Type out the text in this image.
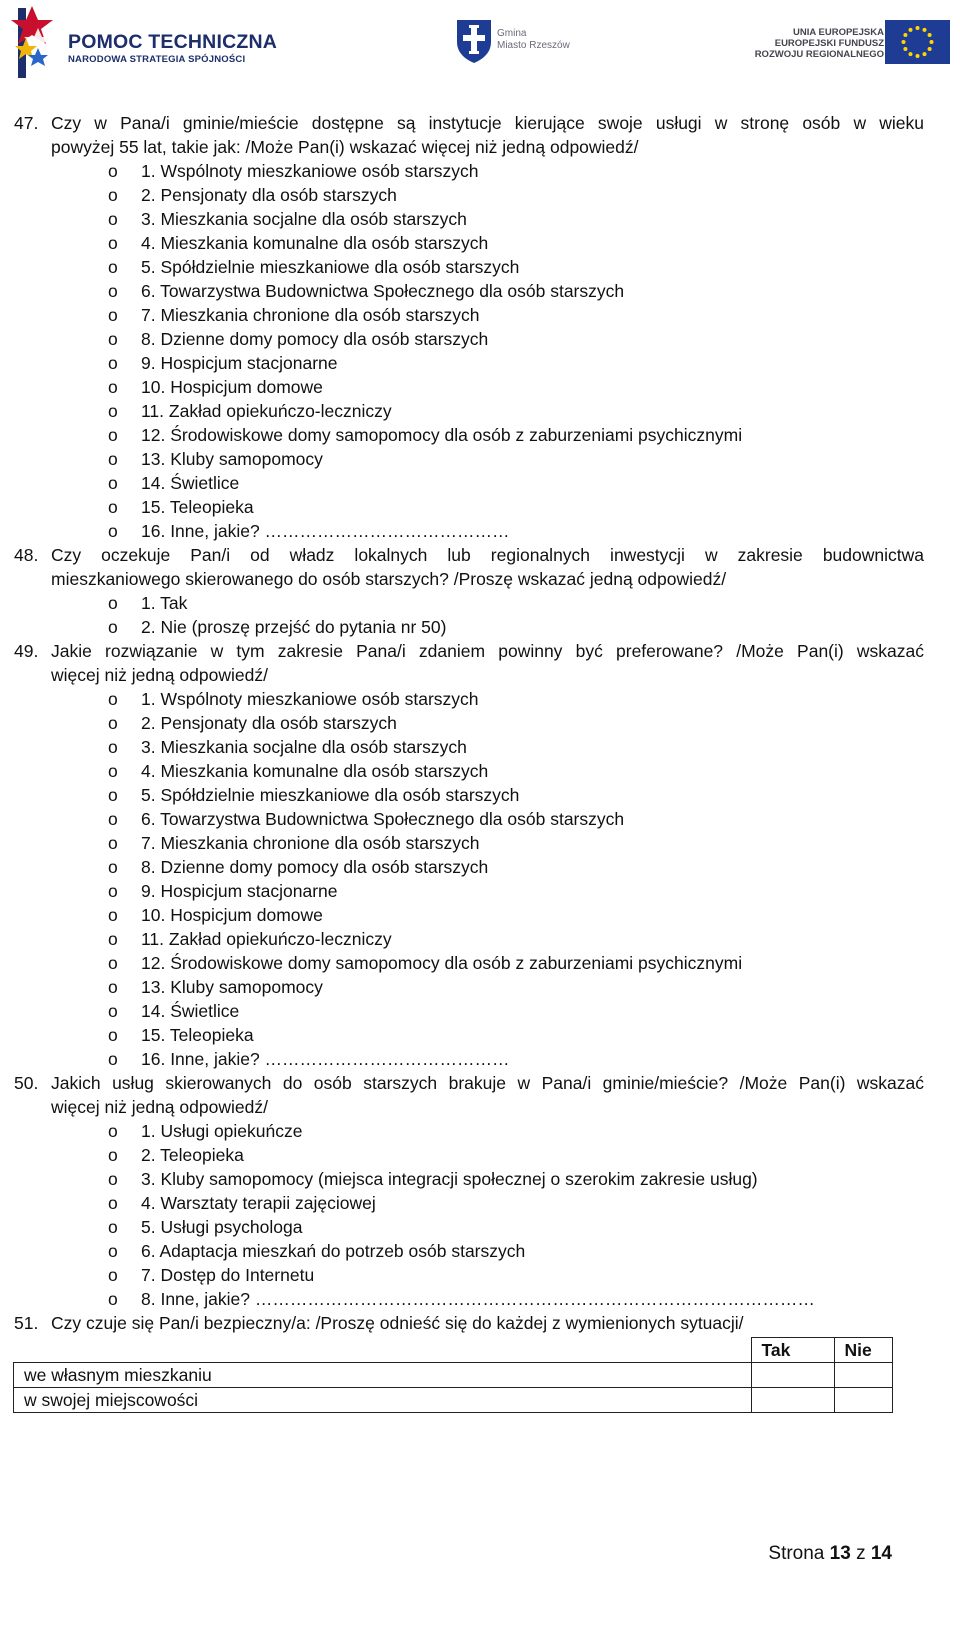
POMOC TECHNICZNA
NARODOWA STRATEGIA SPÓJNOŚCI
Gmina
Miasto Rzeszów
UNIA EUROPEJSKA
EUROPEJSKI FUNDUSZ
ROZWOJU REGIONALNEGO
47. Czy w Pana/i gminie/mieście dostępne są instytucje kierujące swoje usługi w stronę osób w wieku
powyżej 55 lat, takie jak: /Może Pan(i) wskazać więcej niż jedną odpowiedź/
o 1. Wspólnoty mieszkaniowe osób starszych
o 2. Pensjonaty dla osób starszych
o 3. Mieszkania socjalne dla osób starszych
o 4. Mieszkania komunalne dla osób starszych
o 5. Spółdzielnie mieszkaniowe dla osób starszych
o 6. Towarzystwa Budownictwa Społecznego dla osób starszych
o 7. Mieszkania chronione dla osób starszych
o 8. Dzienne domy pomocy dla osób starszych
o 9. Hospicjum stacjonarne
o 10. Hospicjum domowe
o 11. Zakład opiekuńczo-leczniczy
o 12. Środowiskowe domy samopomocy dla osób z zaburzeniami psychicznymi
o 13. Kluby samopomocy
o 14. Świetlice
o 15. Teleopieka
o 16. Inne, jakie? ……………………………………
48. Czy oczekuje Pan/i od władz lokalnych lub regionalnych inwestycji w zakresie budownictwa
mieszkaniowego skierowanego do osób starszych? /Proszę wskazać jedną odpowiedź/
o 1. Tak
o 2. Nie (proszę przejść do pytania nr 50)
49. Jakie rozwiązanie w tym zakresie Pana/i zdaniem powinny być preferowane? /Może Pan(i) wskazać
więcej niż jedną odpowiedź/
o 1. Wspólnoty mieszkaniowe osób starszych
o 2. Pensjonaty dla osób starszych
o 3. Mieszkania socjalne dla osób starszych
o 4. Mieszkania komunalne dla osób starszych
o 5. Spółdzielnie mieszkaniowe dla osób starszych
o 6. Towarzystwa Budownictwa Społecznego dla osób starszych
o 7. Mieszkania chronione dla osób starszych
o 8. Dzienne domy pomocy dla osób starszych
o 9. Hospicjum stacjonarne
o 10. Hospicjum domowe
o 11. Zakład opiekuńczo-leczniczy
o 12. Środowiskowe domy samopomocy dla osób z zaburzeniami psychicznymi
o 13. Kluby samopomocy
o 14. Świetlice
o 15. Teleopieka
o 16. Inne, jakie? ……………………………………
50. Jakich usług skierowanych do osób starszych brakuje w Pana/i gminie/mieście? /Może Pan(i) wskazać
więcej niż jedną odpowiedź/
o 1. Usługi opiekuńcze
o 2. Teleopieka
o 3. Kluby samopomocy (miejsca integracji społecznej o szerokim zakresie usług)
o 4. Warsztaty terapii zajęciowej
o 5. Usługi psychologa
o 6. Adaptacja mieszkań do potrzeb osób starszych
o 7. Dostęp do Internetu
o 8. Inne, jakie? ……………………………………………………………………………………
51. Czy czuje się Pan/i bezpieczny/a: /Proszę odnieść się do każdej z wymienionych sytuacji/
	Tak	Nie
we własnym mieszkaniu		
w swojej miejscowości		
Strona 13 z 14
